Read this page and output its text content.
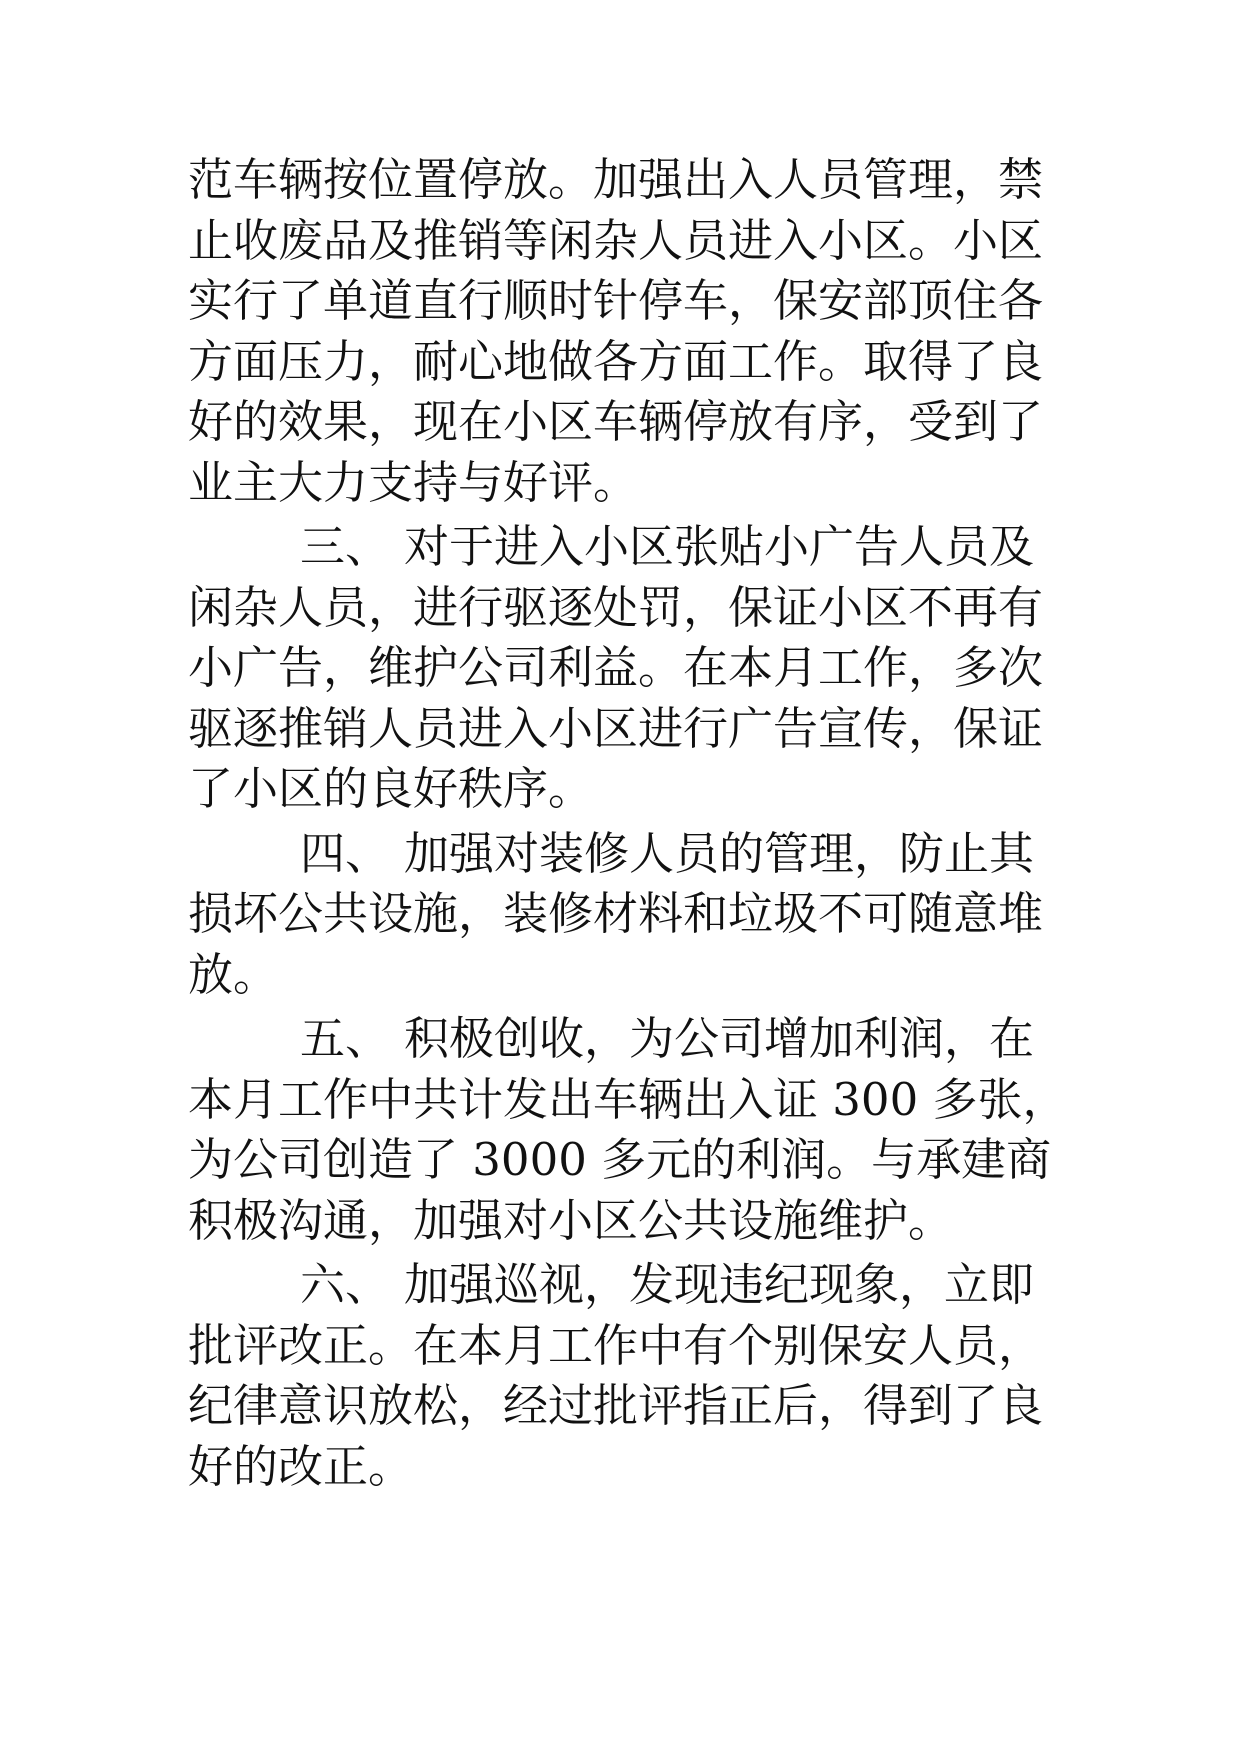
范车辆按位置停放。加强出入人员管理，禁
止收废品及推销等闲杂人员进入小区。小区
实行了单道直行顺时针停车，保安部顶住各
方面压力，耐心地做各方面工作。取得了良
好的效果，现在小区车辆停放有序，受到了
业主大力支持与好评。
三、 对于进入小区张贴小广告人员及
闲杂人员，进行驱逐处罚，保证小区不再有
小广告，维护公司利益。在本月工作，多次
驱逐推销人员进入小区进行广告宣传，保证
了小区的良好秩序。
四、 加强对装修人员的管理，防止其
损坏公共设施，装修材料和垃圾不可随意堆
放。
五、 积极创收，为公司增加利润，在
本月工作中共计发出车辆出入证 300 多张，
为公司创造了 3000 多元的利润。与承建商
积极沟通，加强对小区公共设施维护。
六、 加强巡视，发现违纪现象，立即
批评改正。在本月工作中有个别保安人员，
纪律意识放松，经过批评指正后，得到了良
好的改正。
